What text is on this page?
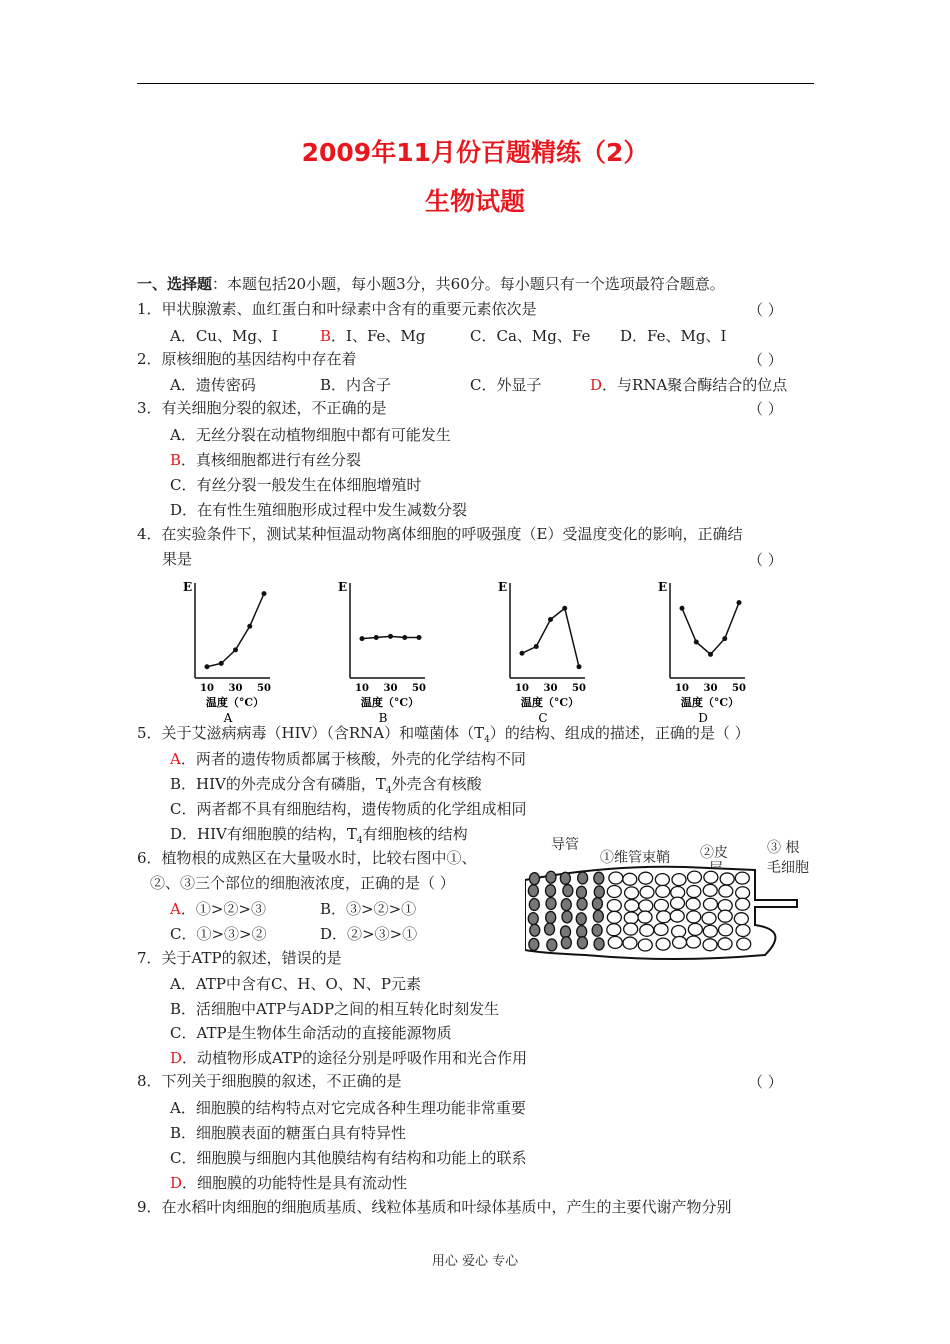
2009年11月份百题精练（2）
生物试题
一、选择题：本题包括20小题，每小题3分，共60分。每小题只有一个选项最符合题意。
1．甲状腺激素、血红蛋白和叶绿素中含有的重要元素依次是	（ ）
A．Cu、Mg、I	B．I、Fe、Mg	C．Ca、Mg、Fe D．Fe、Mg、I
2．原核细胞的基因结构中存在着	（ ）
A．遗传密码	B．内含子	C．外显子	D．与RNA聚合酶结合的位点
3．有关细胞分裂的叙述，不正确的是	（ ）
A．无丝分裂在动植物细胞中都有可能发生
B．真核细胞都进行有丝分裂
C．有丝分裂一般发生在体细胞增殖时
D．在有性生殖细胞形成过程中发生减数分裂
4．在实验条件下，测试某种恒温动物离体细胞的呼吸强度（E）受温度变化的影响，正确结
果是	（ ）
E
10 30 50
温度（°C）
A
E
10 30 50
温度（°C）
B
E
10 30 50
温度（°C）
C
E
10 30 50
温度（°C）
D
5．关于艾滋病病毒（HIV）（含RNA）和噬菌体$(T_4)$的结构、组成的描述，正确的是（ ）
A．两者的遗传物质都属于核酸，外壳的化学结构不同
B．HIV的外壳成分含有磷脂，$T_4$外壳含有核酸
C．两者都不具有细胞结构，遗传物质的化学组成相同
D．HIV有细胞膜的结构，$T_4$有细胞核的结构
6．植物根的成熟区在大量吸水时，比较右图中①、
②、③三个部位的细胞液浓度，正确的是（ ）
A．①>②>③	B．③>②>①
C．①>③>②	D．②>③>①
导管
①维管束鞘 ②皮	③ 根
毛细胞
7．关于ATP的叙述，错误的是
A．ATP中含有C、H、O、N、P元素
B．活细胞中ATP与ADP之间的相互转化时刻发生
C．ATP是生物体生命活动的直接能源物质
D．动植物形成ATP的途径分别是呼吸作用和光合作用
8．下列关于细胞膜的叙述，不正确的是	（ ）
A．细胞膜的结构特点对它完成各种生理功能非常重要
B．细胞膜表面的糖蛋白具有特异性
C．细胞膜与细胞内其他膜结构有结构和功能上的联系
D．细胞膜的功能特性是具有流动性
9．在水稻叶肉细胞的细胞质基质、线粒体基质和叶绿体基质中，产生的主要代谢产物分别
用心 爱心 专心
